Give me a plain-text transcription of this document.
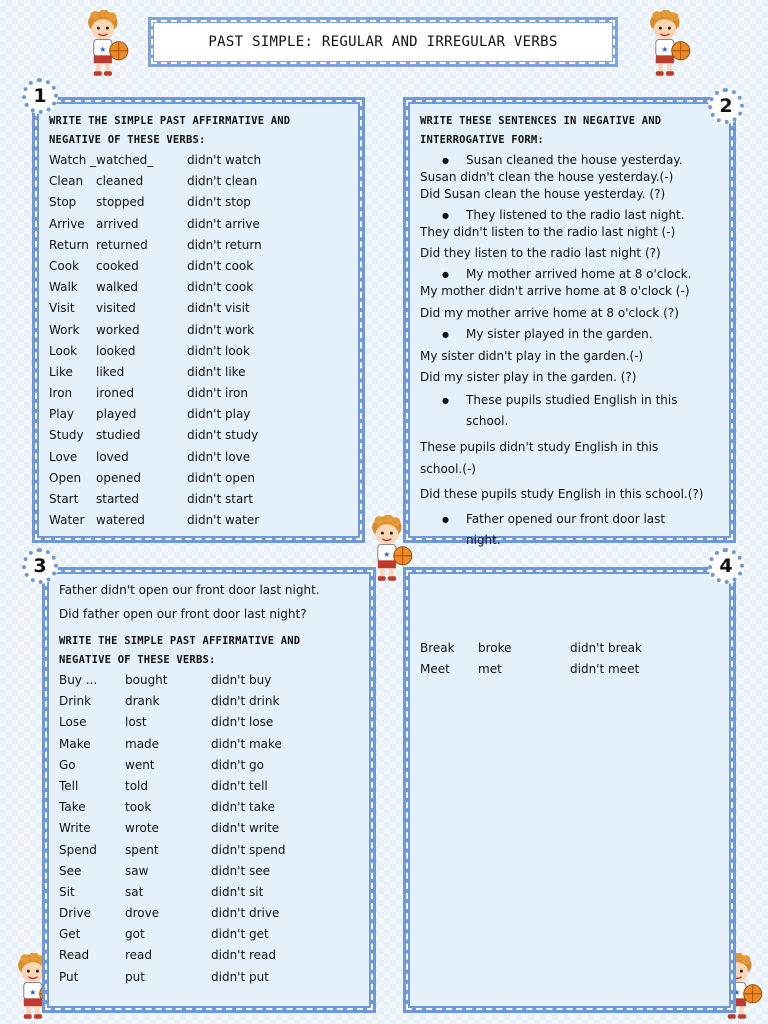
PAST SIMPLE: REGULAR AND IRREGULAR VERBS
WRITE THE SIMPLE PAST AFFIRMATIVE AND
NEGATIVE OF THESE VERBS:
Watch _watched_	didn't watch
Clean cleaned	didn't clean
Stop stopped	didn't stop
Arrive arrived	didn't arrive
Return returned	didn't return
Cook cooked	didn't cook
Walk walked	didn't cook
Visit visited	didn't visit
Work worked	didn't work
Look looked	didn't look
Like liked	didn't like
Iron ironed	didn't iron
Play played	didn't play
Study studied	didn't study
Love loved	didn't love
Open opened	didn't open
Start started	didn't start
Water watered	didn't water
1
WRITE THESE SENTENCES IN NEGATIVE AND
INTERROGATIVE FORM:
● Susan cleaned the house yesterday.
Susan didn't clean the house yesterday.(-)
Did Susan clean the house yesterday. (?)
● They listened to the radio last night.
They didn't listen to the radio last night (-)
Did they listen to the radio last night (?)
● My mother arrived home at 8 o'clock.
My mother didn't arrive home at 8 o'clock (-)
Did my mother arrive home at 8 o'clock (?)
● My sister played in the garden.
My sister didn't play in the garden.(-)
Did my sister play in the garden. (?)
● These pupils studied English in this
school.
These pupils didn't study English in this
school.(-)
Did these pupils study English in this school.(?)
● Father opened our front door last
night.
2
Father didn't open our front door last night.
Did father open our front door last night?
WRITE THE SIMPLE PAST AFFIRMATIVE AND
NEGATIVE OF THESE VERBS:
Buy ... bought	didn't buy
Drink	drank	didn't drink
Lose	lost	didn't lose
Make	made	didn't make
Go	went	didn't go
Tell	told	didn't tell
Take	took	didn't take
Write	wrote	didn't write
Spend spent	didn't spend
See	saw	didn't see
Sit	sat	didn't sit
Drive	drove	didn't drive
Get	got	didn't get
Read	read	didn't read
Put	put	didn't put
3
Break broke	didn't break
Meet met	didn't meet
4
